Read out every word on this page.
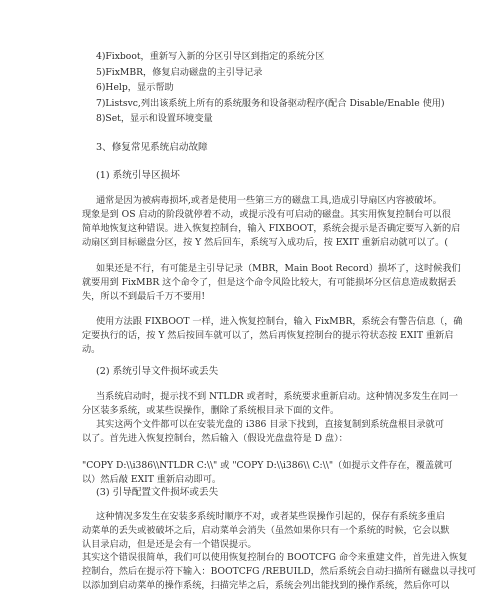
4)Fixboot，重新写入新的分区引导区到指定的系统分区
5)FixMBR，修复启动磁盘的主引导记录
6)Help，显示帮助
7)Listsvc,列出该系统上所有的系统服务和设备驱动程序(配合 Disable/Enable 使用)
8)Set，显示和设置环境变量
3、修复常见系统启动故障
(1) 系统引导区损坏
通常是因为被病毒损坏,或者是使用一些第三方的磁盘工具,造成引导扇区内容被破坏。
现象是到 OS 启动的阶段就停着不动，或提示没有可启动的磁盘。其实用恢复控制台可以很
简单地恢复这种错误。进入恢复控制台，输入 FIXBOOT，系统会提示是否确定要写入新的启
动扇区到目标磁盘分区，按 Y 然后回车，系统写入成功后，按 EXIT 重新启动就可以了。(
如果还是不行，有可能是主引导记录（MBR，Main Boot Record）损坏了，这时候我们
就要用到 FixMBR 这个命令了，但是这个命令风险比较大，有可能损坏分区信息造成数据丢
失，所以不到最后千万不要用!
使用方法跟 FIXBOOT 一样，进入恢复控制台，输入 FixMBR，系统会有警告信息（，确
定要执行的话，按 Y 然后按回车就可以了，然后再恢复控制台的提示符状态按 EXIT 重新启
动。
(2) 系统引导文件损坏或丢失
当系统启动时，提示找不到 NTLDR 或者时，系统要求重新启动。这种情况多发生在同一
分区装多系统，或某些误操作，删除了系统根目录下面的文件。
其实这两个文件都可以在安装光盘的 i386 目录下找到，直接复制到系统盘根目录就可
以了。首先进入恢复控制台，然后输入（假设光盘盘符是 D 盘）：
"COPY D:\\i386\\NTLDR C:\\" 或 "COPY D:\\i386\\ C:\\"（如提示文件存在，覆盖就可
以）然后敲 EXIT 重新启动即可。
(3) 引导配置文件损坏或丢失
这种情况多发生在安装多系统时顺序不对，或者某些误操作引起的，保存有系统多重启
动菜单的丢失或被破坏之后，启动菜单会消失（虽然如果你只有一个系统的时候，它会以默
认目录启动，但是还是会有一个错误提示。
其实这个错误很简单，我们可以使用恢复控制台的 BOOTCFG 命令来重建文件，首先进入恢复
控制台，然后在提示符下输入：BOOTCFG /REBUILD，然后系统会自动扫描所有磁盘以寻找可
以添加到启动菜单的操作系统，扫描完毕之后，系统会列出能找到的操作系统，然后你可以
